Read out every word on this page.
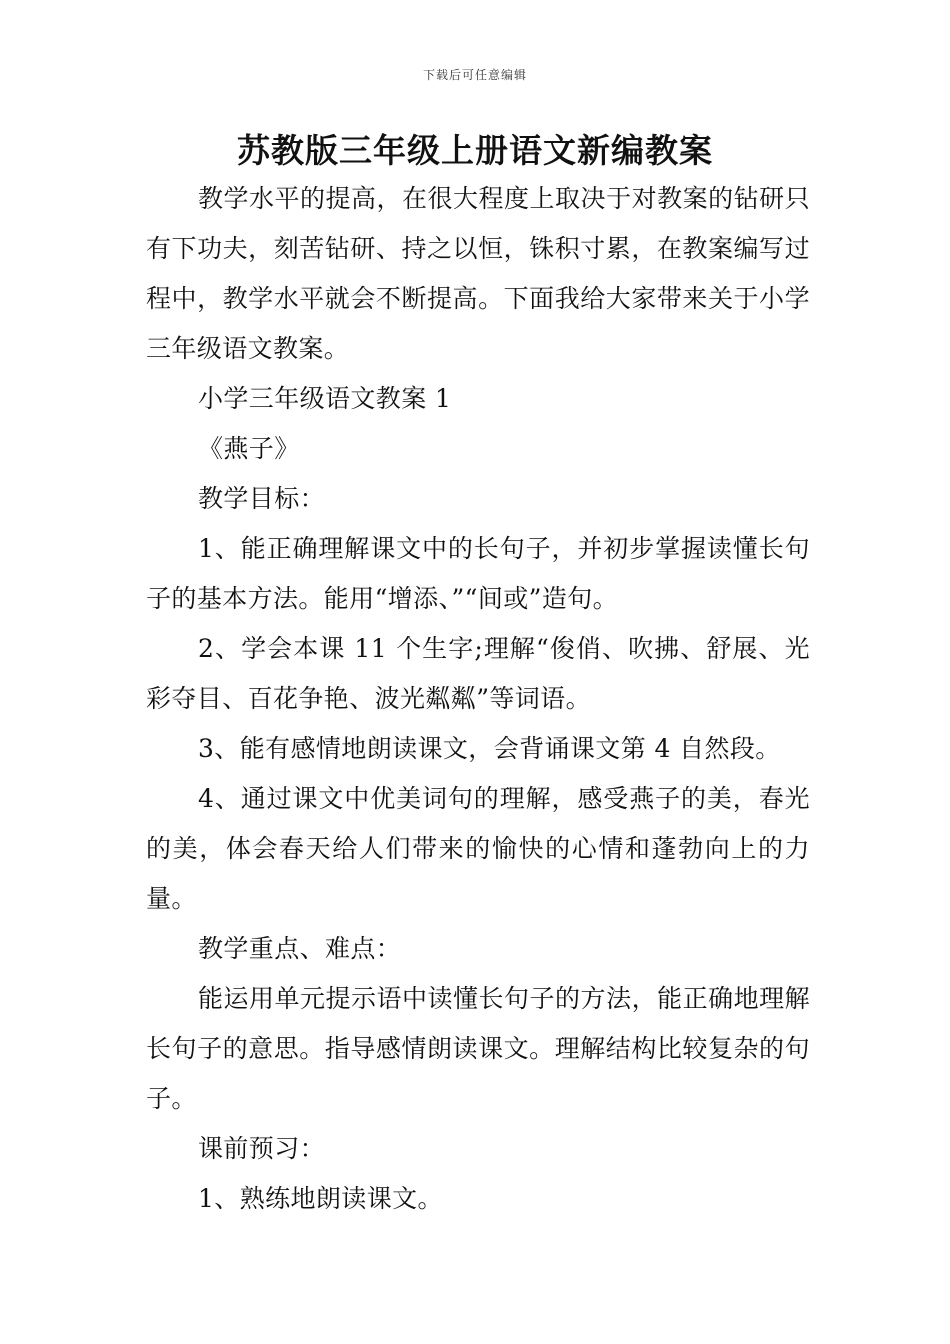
下载后可任意编辑
苏教版三年级上册语文新编教案

教学水平的提高，在很大程度上取决于对教案的钻研只有下功夫，刻苦钻研、持之以恒，铢积寸累，在教案编写过程中，教学水平就会不断提高。下面我给大家带来关于小学三年级语文教案。

小学三年级语文教案 1

《燕子》

教学目标：

1、能正确理解课文中的长句子，并初步掌握读懂长句子的基本方法。能用“增添、”“间或”造句。

2、学会本课 11 个生字;理解“俊俏、吹拂、舒展、光彩夺目、百花争艳、波光粼粼”等词语。

3、能有感情地朗读课文，会背诵课文第 4 自然段。

4、通过课文中优美词句的理解，感受燕子的美，春光的美，体会春天给人们带来的愉快的心情和蓬勃向上的力量。

教学重点、难点：

能运用单元提示语中读懂长句子的方法，能正确地理解长句子的意思。指导感情朗读课文。理解结构比较复杂的句子。

课前预习：

1、熟练地朗读课文。
